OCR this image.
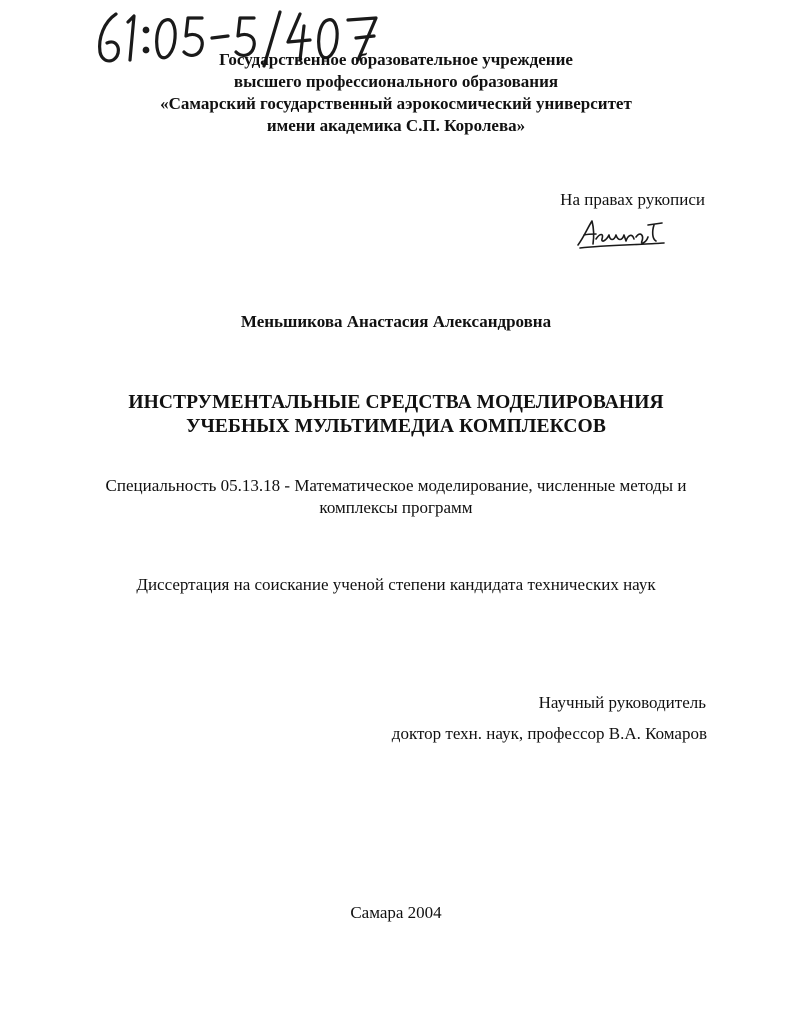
Государственное образовательное учреждение
высшего профессионального образования
«Самарский государственный аэрокосмический университет
имени академика С.П. Королева»
На правах рукописи
Меньшикова Анастасия Александровна
ИНСТРУМЕНТАЛЬНЫЕ СРЕДСТВА МОДЕЛИРОВАНИЯ
УЧЕБНЫХ МУЛЬТИМЕДИА КОМПЛЕКСОВ
Специальность 05.13.18 - Математическое моделирование, численные методы и
комплексы программ
Диссертация на соискание ученой степени кандидата технических наук
Научный руководитель
доктор техн. наук, профессор В.А. Комаров
Самара 2004
